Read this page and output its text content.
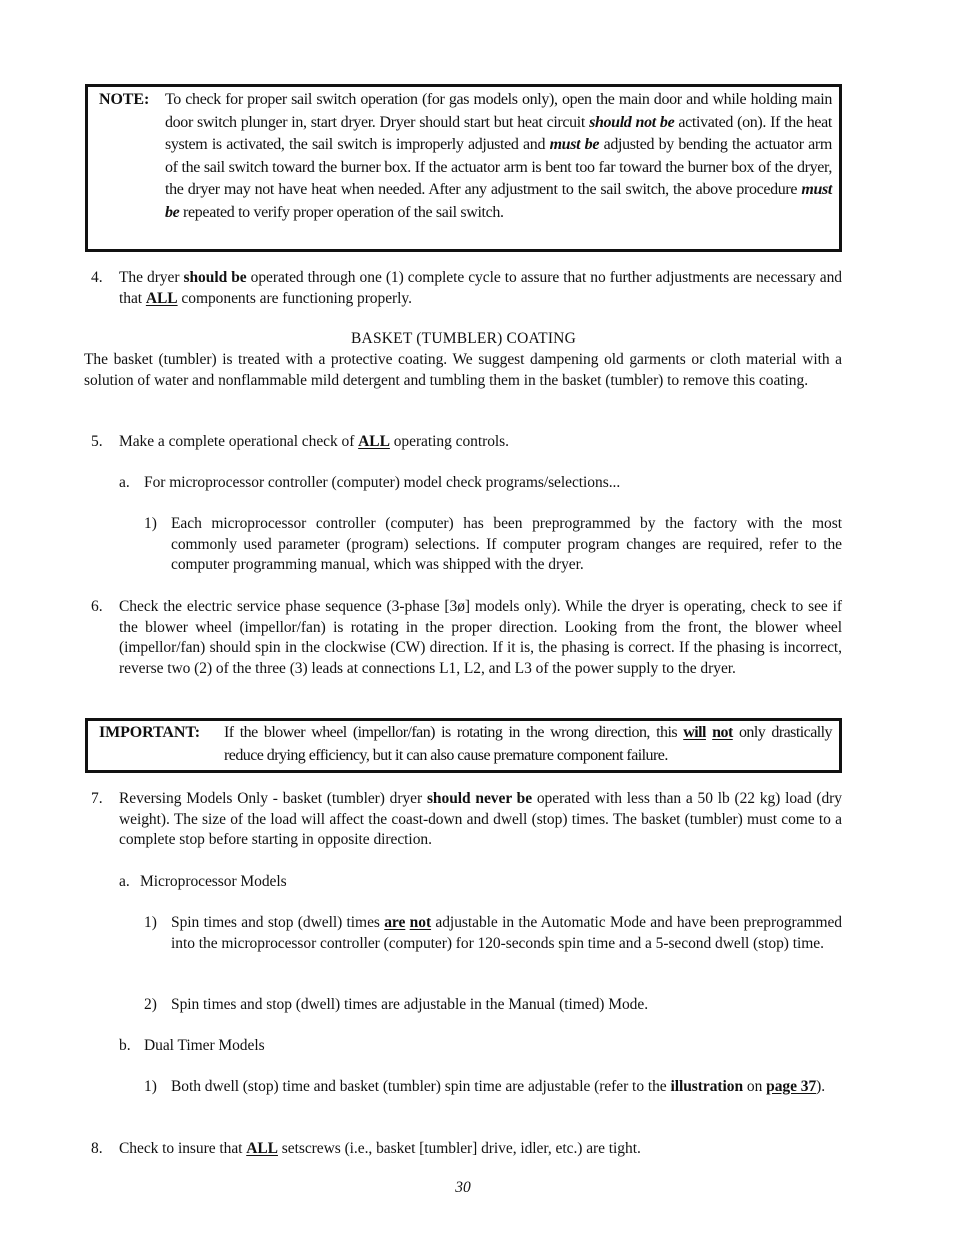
NOTE: To check for proper sail switch operation (for gas models only), open the main door and while holding main door switch plunger in, start dryer. Dryer should start but heat circuit should not be activated (on). If the heat system is activated, the sail switch is improperly adjusted and must be adjusted by bending the actuator arm of the sail switch toward the burner box. If the actuator arm is bent too far toward the burner box of the dryer, the dryer may not have heat when needed. After any adjustment to the sail switch, the above procedure must be repeated to verify proper operation of the sail switch.
4. The dryer should be operated through one (1) complete cycle to assure that no further adjustments are necessary and that ALL components are functioning properly.
BASKET (TUMBLER) COATING
The basket (tumbler) is treated with a protective coating. We suggest dampening old garments or cloth material with a solution of water and nonflammable mild detergent and tumbling them in the basket (tumbler) to remove this coating.
5. Make a complete operational check of ALL operating controls.
a. For microprocessor controller (computer) model check programs/selections...
1) Each microprocessor controller (computer) has been preprogrammed by the factory with the most commonly used parameter (program) selections. If computer program changes are required, refer to the computer programming manual, which was shipped with the dryer.
6. Check the electric service phase sequence (3-phase [3ø] models only). While the dryer is operating, check to see if the blower wheel (impellor/fan) is rotating in the proper direction. Looking from the front, the blower wheel (impellor/fan) should spin in the clockwise (CW) direction. If it is, the phasing is correct. If the phasing is incorrect, reverse two (2) of the three (3) leads at connections L1, L2, and L3 of the power supply to the dryer.
IMPORTANT: If the blower wheel (impellor/fan) is rotating in the wrong direction, this will not only drastically reduce drying efficiency, but it can also cause premature component failure.
7. Reversing Models Only - basket (tumbler) dryer should never be operated with less than a 50 lb (22 kg) load (dry weight). The size of the load will affect the coast-down and dwell (stop) times. The basket (tumbler) must come to a complete stop before starting in opposite direction.
a. Microprocessor Models
1) Spin times and stop (dwell) times are not adjustable in the Automatic Mode and have been preprogrammed into the microprocessor controller (computer) for 120-seconds spin time and a 5-second dwell (stop) time.
2) Spin times and stop (dwell) times are adjustable in the Manual (timed) Mode.
b. Dual Timer Models
1) Both dwell (stop) time and basket (tumbler) spin time are adjustable (refer to the illustration on page 37).
8. Check to insure that ALL setscrews (i.e., basket [tumbler] drive, idler, etc.) are tight.
30
